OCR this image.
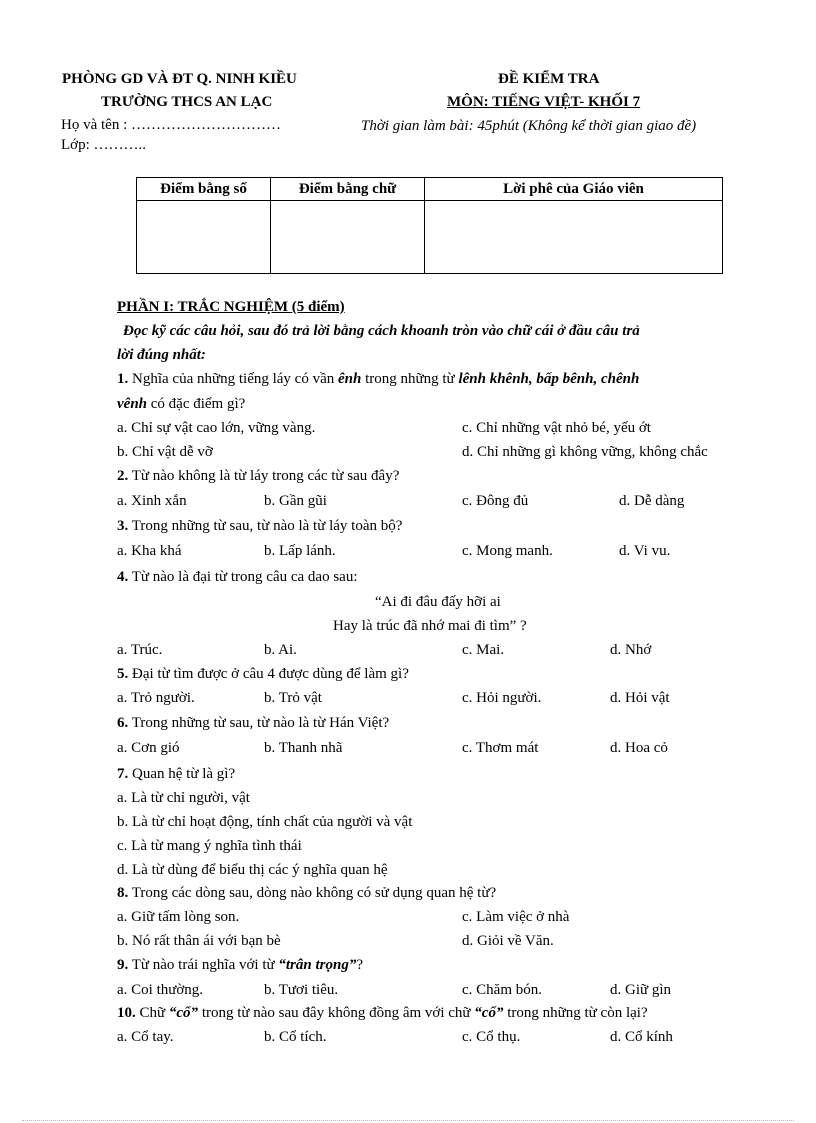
PHÒNG GD VÀ ĐT Q. NINH KIỀU
TRƯỜNG THCS AN LẠC
Họ và tên : …………………………
Lớp: ………..
ĐỀ KIỂM TRA
MÔN: TIẾNG VIỆT- KHỐI 7
Thời gian làm bài: 45phút (Không kể thời gian giao đề)
Điểm bằng số	Điểm bằng chữ	Lời phê của Giáo viên

PHẦN I: TRẮC NGHIỆM (5 điểm)
Đọc kỹ các câu hỏi, sau đó trả lời bằng cách khoanh tròn vào chữ cái ở đầu câu trả
lời đúng nhất:
1. Nghĩa của những tiếng láy có vần ênh trong những từ lênh khênh, bấp bênh, chênh
vênh có đặc điểm gì?
a. Chỉ sự vật cao lớn, vững vàng.	c. Chỉ những vật nhỏ bé, yếu ớt
b. Chỉ vật dễ vỡ	d. Chỉ những gì không vững, không chắc
2. Từ nào không là từ láy trong các từ sau đây?
a. Xinh xắn	b. Gần gũi	c. Đông đủ	d. Dễ dàng
3. Trong những từ sau, từ nào là từ láy toàn bộ?
a. Kha khá	b. Lấp lánh.	c. Mong manh.	d. Vi vu.
4. Từ nào là đại từ trong câu ca dao sau:
“Ai đi đâu đấy hỡi ai
Hay là trúc đã nhớ mai đi tìm” ?
a. Trúc.	b. Ai.	c. Mai.	d. Nhớ
5. Đại từ tìm được ở câu 4 được dùng để làm gì?
a. Trỏ người.	b. Trỏ vật	c. Hỏi người.	d. Hỏi vật
6. Trong những từ sau, từ nào là từ Hán Việt?
a. Cơn gió	b. Thanh nhã	c. Thơm mát	d. Hoa cỏ
7. Quan hệ từ là gì?
a. Là từ chỉ người, vật
b. Là từ chỉ hoạt động, tính chất của người và vật
c. Là từ mang ý nghĩa tình thái
d. Là từ dùng để biểu thị các ý nghĩa quan hệ
8. Trong các dòng sau, dòng nào không có sử dụng quan hệ từ?
a. Giữ tấm lòng son.	c. Làm việc ở nhà
b. Nó rất thân ái với bạn bè	d. Giỏi về Văn.
9. Từ nào trái nghĩa với từ “trân trọng”?
a. Coi thường.	b. Tươi tiêu.	c. Chăm bón.	d. Giữ gìn
10. Chữ “cổ” trong từ nào sau đây không đồng âm với chữ “cổ” trong những từ còn lại?
a. Cổ tay.	b. Cổ tích.	c. Cổ thụ.	d. Cổ kính
